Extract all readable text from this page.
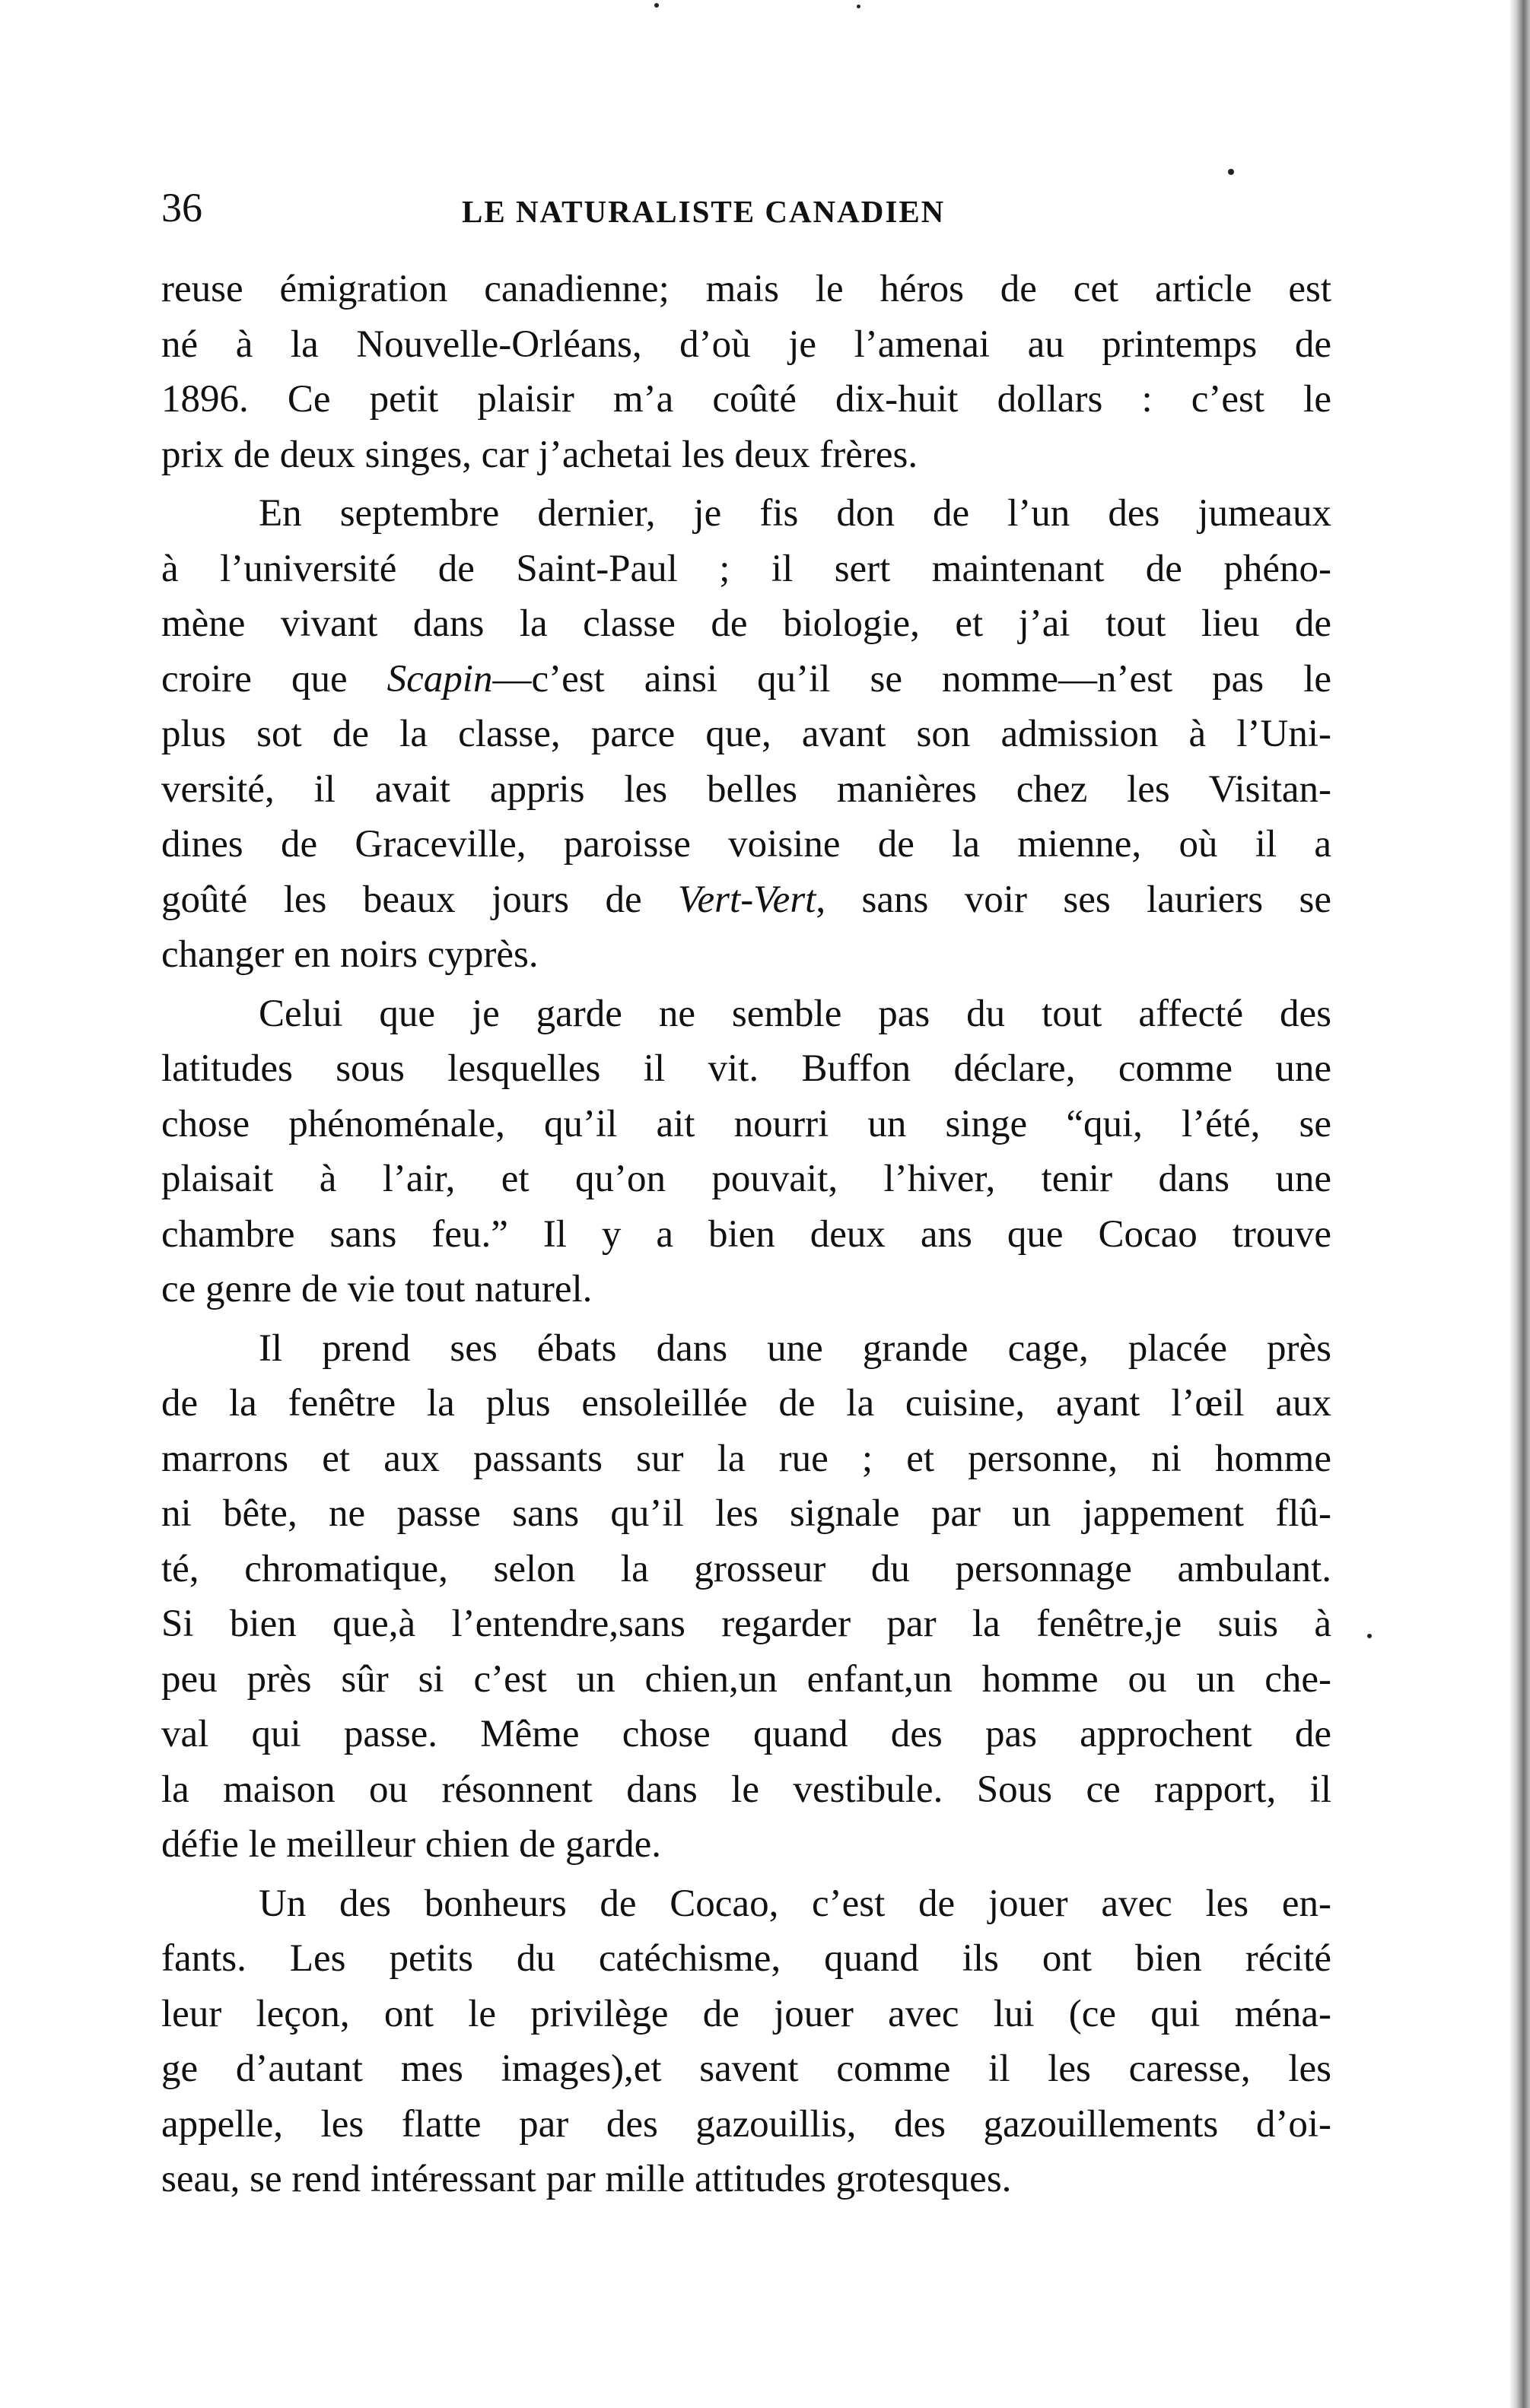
36	LE NATURALISTE CANADIEN
reuse émigration canadienne; mais le héros de cet article est
né à la Nouvelle-Orléans, d’où je l’amenai au printemps de
1896. Ce petit plaisir m’a coûté dix-huit dollars : c’est le
prix de deux singes, car j’achetai les deux frères.
En septembre dernier, je fis don de l’un des jumeaux
à l’université de Saint-Paul ; il sert maintenant de phéno-
mène vivant dans la classe de biologie, et j’ai tout lieu de
croire que Scapin—c’est ainsi qu’il se nomme—n’est pas le
plus sot de la classe, parce que, avant son admission à l’Uni-
versité, il avait appris les belles manières chez les Visitan-
dines de Graceville, paroisse voisine de la mienne, où il a
goûté les beaux jours de Vert-Vert, sans voir ses lauriers se
changer en noirs cyprès.
Celui que je garde ne semble pas du tout affecté des
latitudes sous lesquelles il vit. Buffon déclare, comme une
chose phénoménale, qu’il ait nourri un singe “qui, l’été, se
plaisait à l’air, et qu’on pouvait, l’hiver, tenir dans une
chambre sans feu.” Il y a bien deux ans que Cocao trouve
ce genre de vie tout naturel.
Il prend ses ébats dans une grande cage, placée près
de la fenêtre la plus ensoleillée de la cuisine, ayant l’œil aux
marrons et aux passants sur la rue ; et personne, ni homme
ni bête, ne passe sans qu’il les signale par un jappement flû-
té, chromatique, selon la grosseur du personnage ambulant.
Si bien que,à l’entendre,sans regarder par la fenêtre,je suis à
peu près sûr si c’est un chien,un enfant,un homme ou un che-
val qui passe. Même chose quand des pas approchent de
la maison ou résonnent dans le vestibule. Sous ce rapport, il
défie le meilleur chien de garde.
Un des bonheurs de Cocao, c’est de jouer avec les en-
fants. Les petits du catéchisme, quand ils ont bien récité
leur leçon, ont le privilège de jouer avec lui (ce qui ména-
ge d’autant mes images),et savent comme il les caresse, les
appelle, les flatte par des gazouillis, des gazouillements d’oi-
seau, se rend intéressant par mille attitudes grotesques.
